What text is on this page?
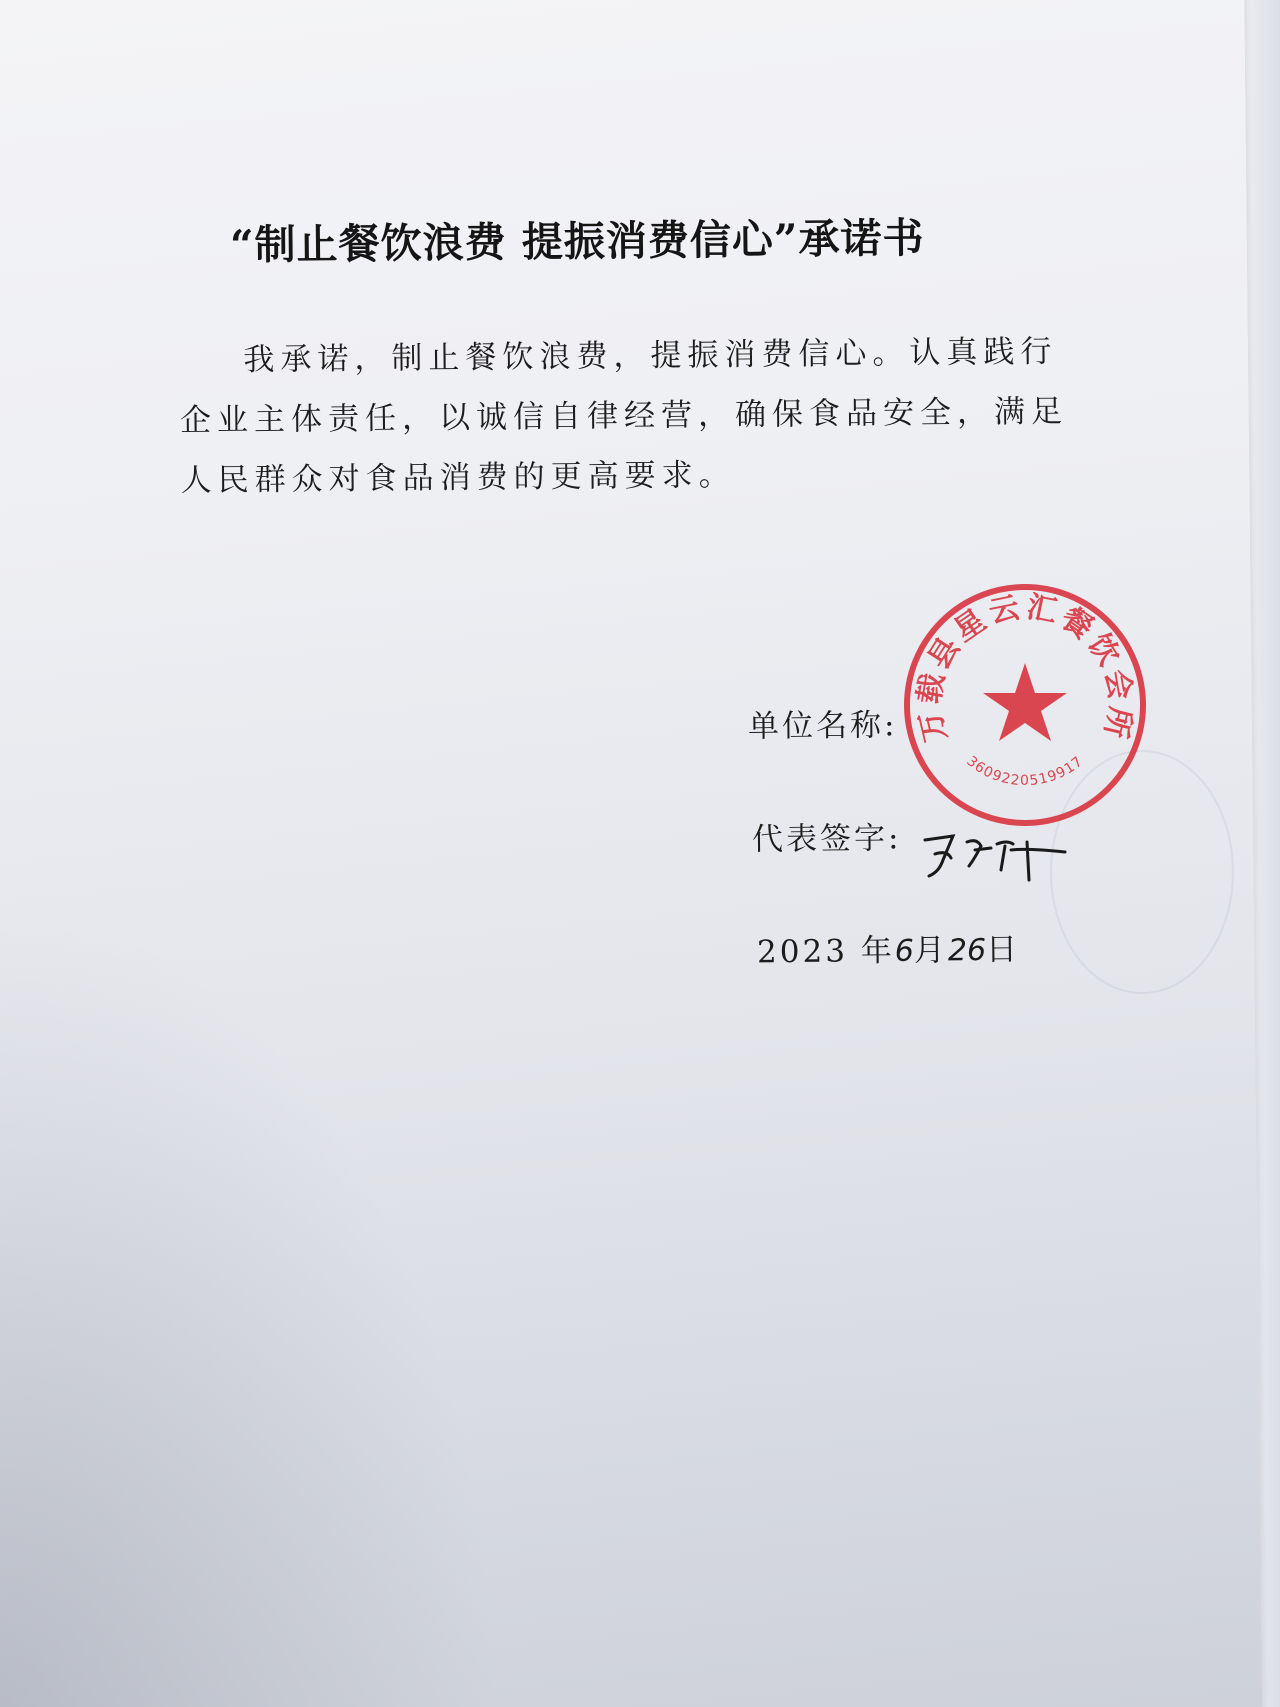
“制止餐饮浪费 提振消费信心”承诺书
我承诺，制止餐饮浪费，提振消费信心。认真践行企业主体责任，以诚信自律经营，确保食品安全，满足人民群众对食品消费的更高要求。
单位名称:
代表签字:
2023 年6月26日
万载县星云汇餐饮会所
3609220519917
